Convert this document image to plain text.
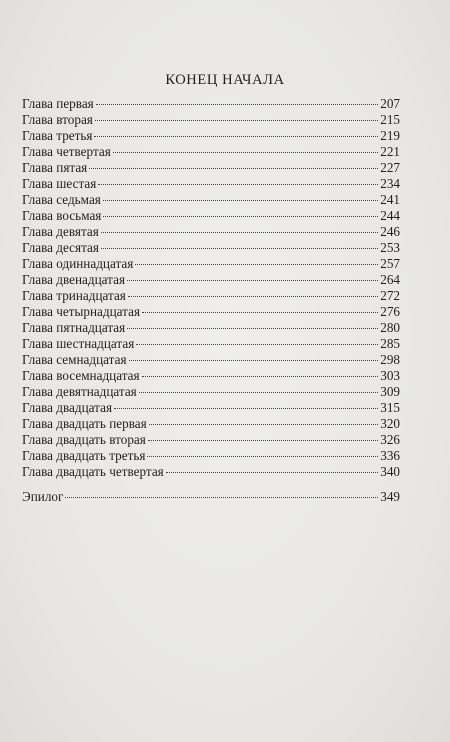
КОНЕЦ НАЧАЛА
Глава первая	207
Глава вторая	215
Глава третья	219
Глава четвертая	221
Глава пятая	227
Глава шестая	234
Глава седьмая	241
Глава восьмая	244
Глава девятая	246
Глава десятая	253
Глава одиннадцатая	257
Глава двенадцатая	264
Глава тринадцатая	272
Глава четырнадцатая	276
Глава пятнадцатая	280
Глава шестнадцатая	285
Глава семнадцатая	298
Глава восемнадцатая	303
Глава девятнадцатая	309
Глава двадцатая	315
Глава двадцать первая	320
Глава двадцать вторая	326
Глава двадцать третья	336
Глава двадцать четвертая	340
Эпилог	349
